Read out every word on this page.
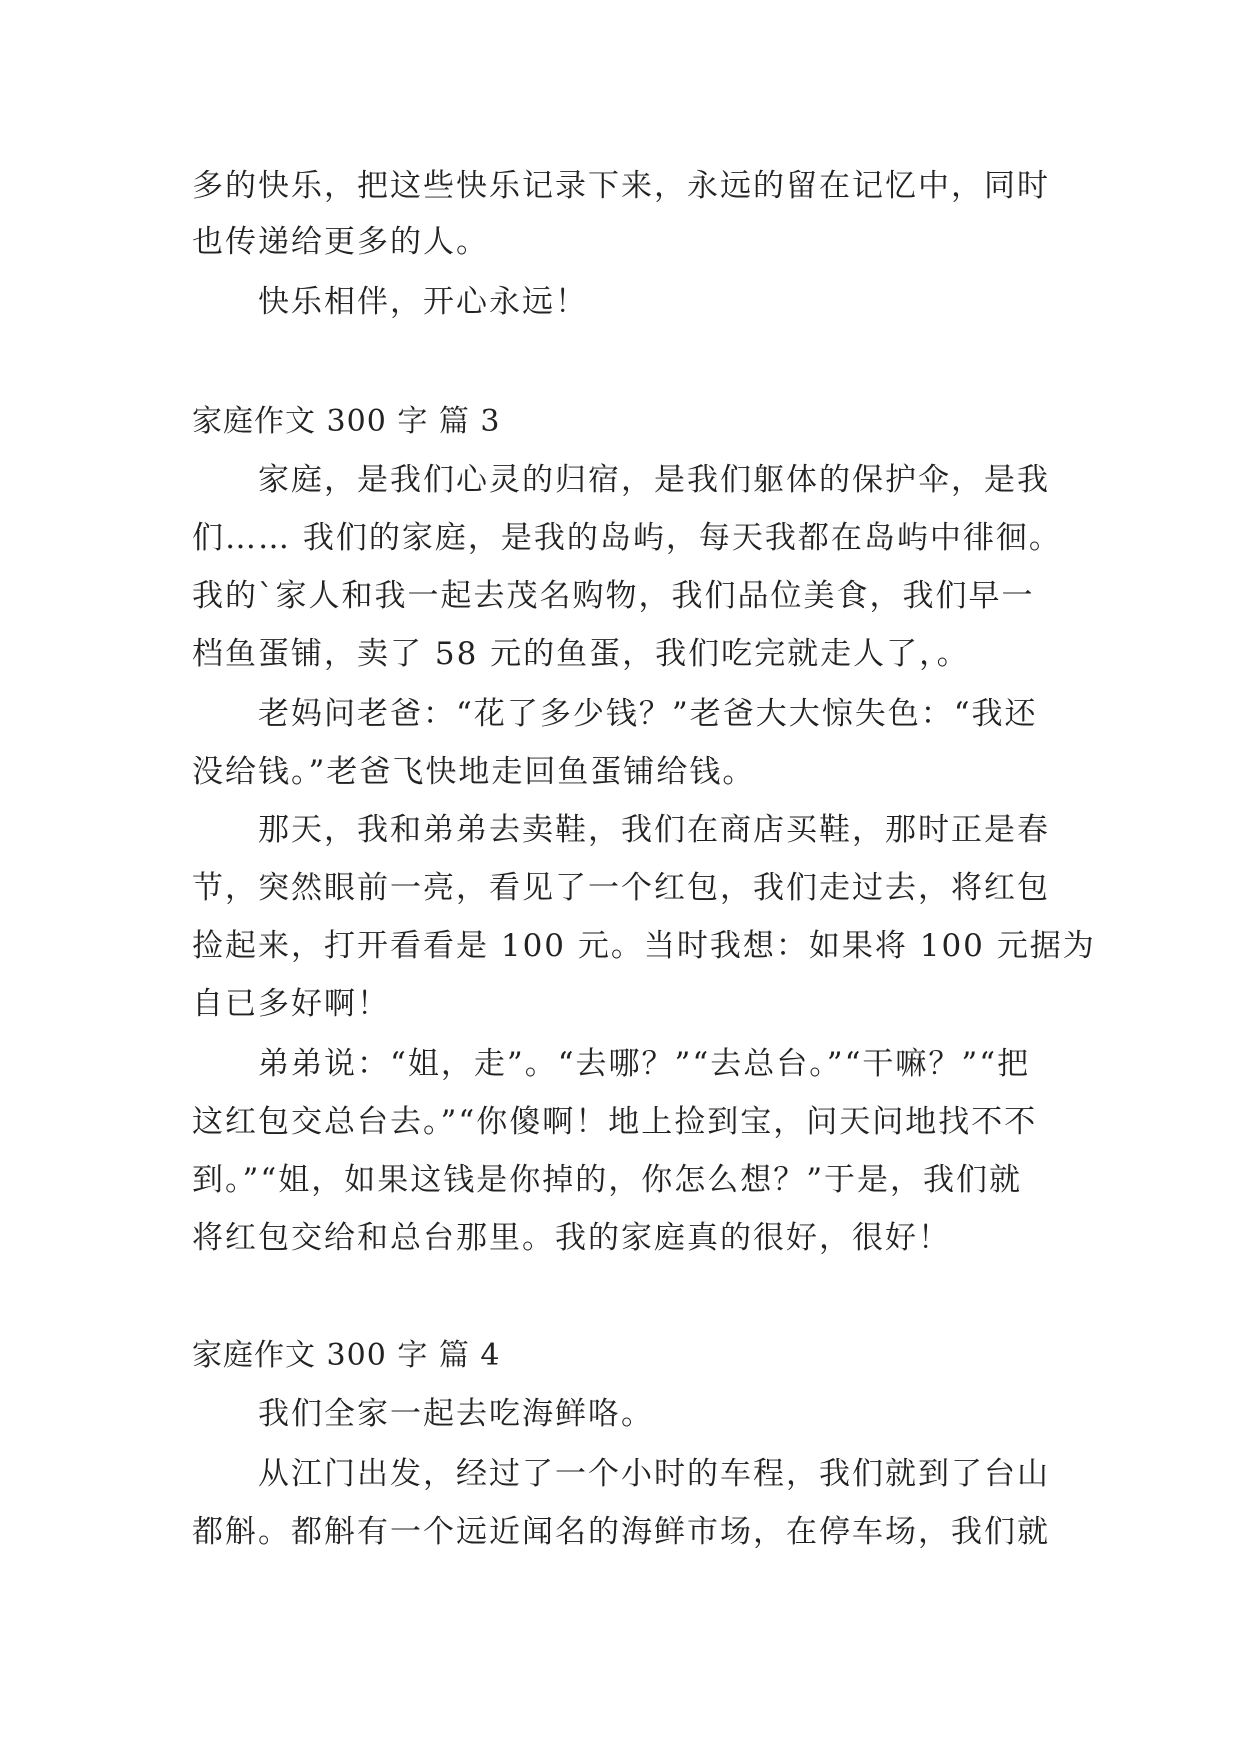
多的快乐，把这些快乐记录下来，永远的留在记忆中，同时
也传递给更多的人。
　　快乐相伴，开心永远！
家庭作文 300 字 篇 3
　　家庭，是我们心灵的归宿，是我们躯体的保护伞，是我
们…… 我们的家庭，是我的岛屿，每天我都在岛屿中徘徊。
我的`家人和我一起去茂名购物，我们品位美食，我们早一
档鱼蛋铺，卖了 58 元的鱼蛋，我们吃完就走人了，。
　　老妈问老爸：“花了多少钱？”老爸大大惊失色：“我还
没给钱。”老爸飞快地走回鱼蛋铺给钱。
　　那天，我和弟弟去卖鞋，我们在商店买鞋，那时正是春
节，突然眼前一亮，看见了一个红包，我们走过去，将红包
捡起来，打开看看是 100 元。当时我想：如果将 100 元据为
自已多好啊！
　　弟弟说：“姐，走”。“去哪？”“去总台。”“干嘛？”“把
这红包交总台去。”“你傻啊！地上捡到宝，问天问地找不不
到。”“姐，如果这钱是你掉的，你怎么想？”于是，我们就
将红包交给和总台那里。我的家庭真的很好，很好！
家庭作文 300 字 篇 4
　　我们全家一起去吃海鲜咯。
　　从江门出发，经过了一个小时的车程，我们就到了台山
都斛。都斛有一个远近闻名的海鲜市场，在停车场，我们就
